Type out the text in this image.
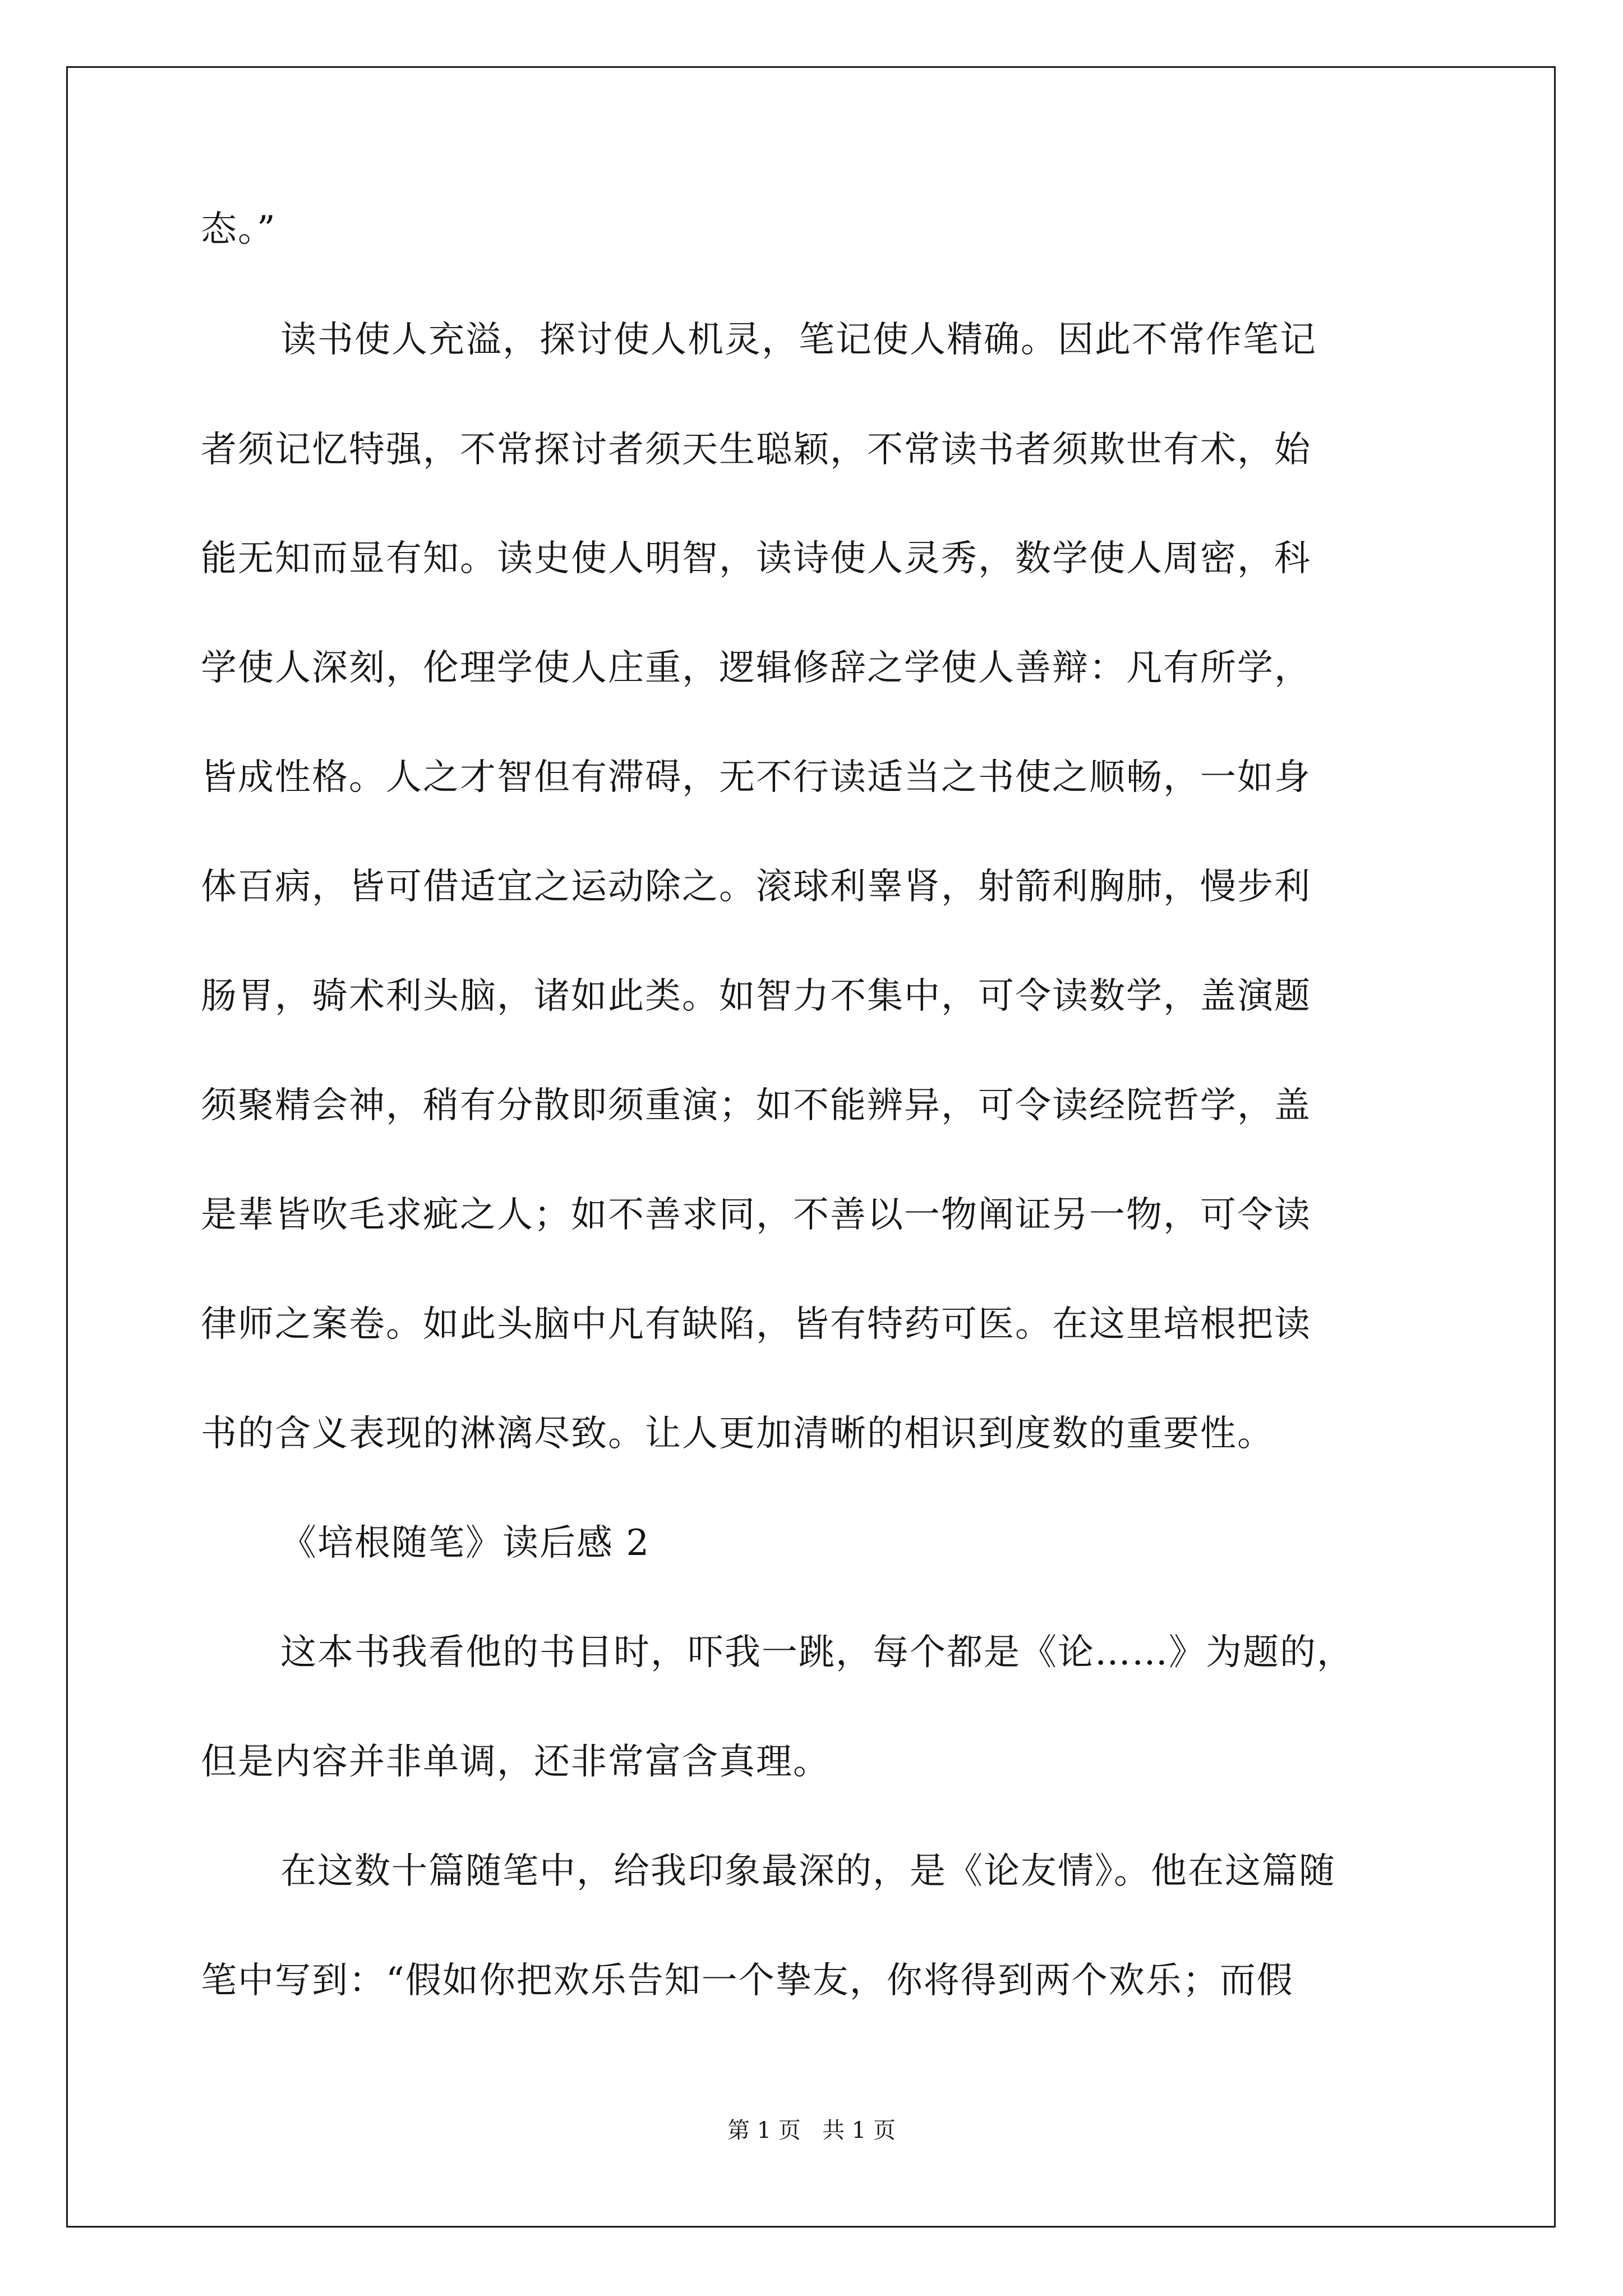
态。”

读书使人充溢，探讨使人机灵，笔记使人精确。因此不常作笔记

者须记忆特强，不常探讨者须天生聪颖，不常读书者须欺世有术，始

能无知而显有知。读史使人明智，读诗使人灵秀，数学使人周密，科

学使人深刻，伦理学使人庄重，逻辑修辞之学使人善辩：凡有所学，

皆成性格。人之才智但有滞碍，无不行读适当之书使之顺畅，一如身

体百病，皆可借适宜之运动除之。滚球利睾肾，射箭利胸肺，慢步利

肠胃，骑术利头脑，诸如此类。如智力不集中，可令读数学，盖演题

须聚精会神，稍有分散即须重演；如不能辨异，可令读经院哲学，盖

是辈皆吹毛求疵之人；如不善求同，不善以一物阐证另一物，可令读

律师之案卷。如此头脑中凡有缺陷，皆有特药可医。在这里培根把读

书的含义表现的淋漓尽致。让人更加清晰的相识到度数的重要性。

《培根随笔》读后感 2

这本书我看他的书目时，吓我一跳，每个都是《论……》为题的，

但是内容并非单调，还非常富含真理。

在这数十篇随笔中，给我印象最深的，是《论友情》。他在这篇随

笔中写到：“假如你把欢乐告知一个挚友，你将得到两个欢乐；而假

第 1 页   共 1 页
